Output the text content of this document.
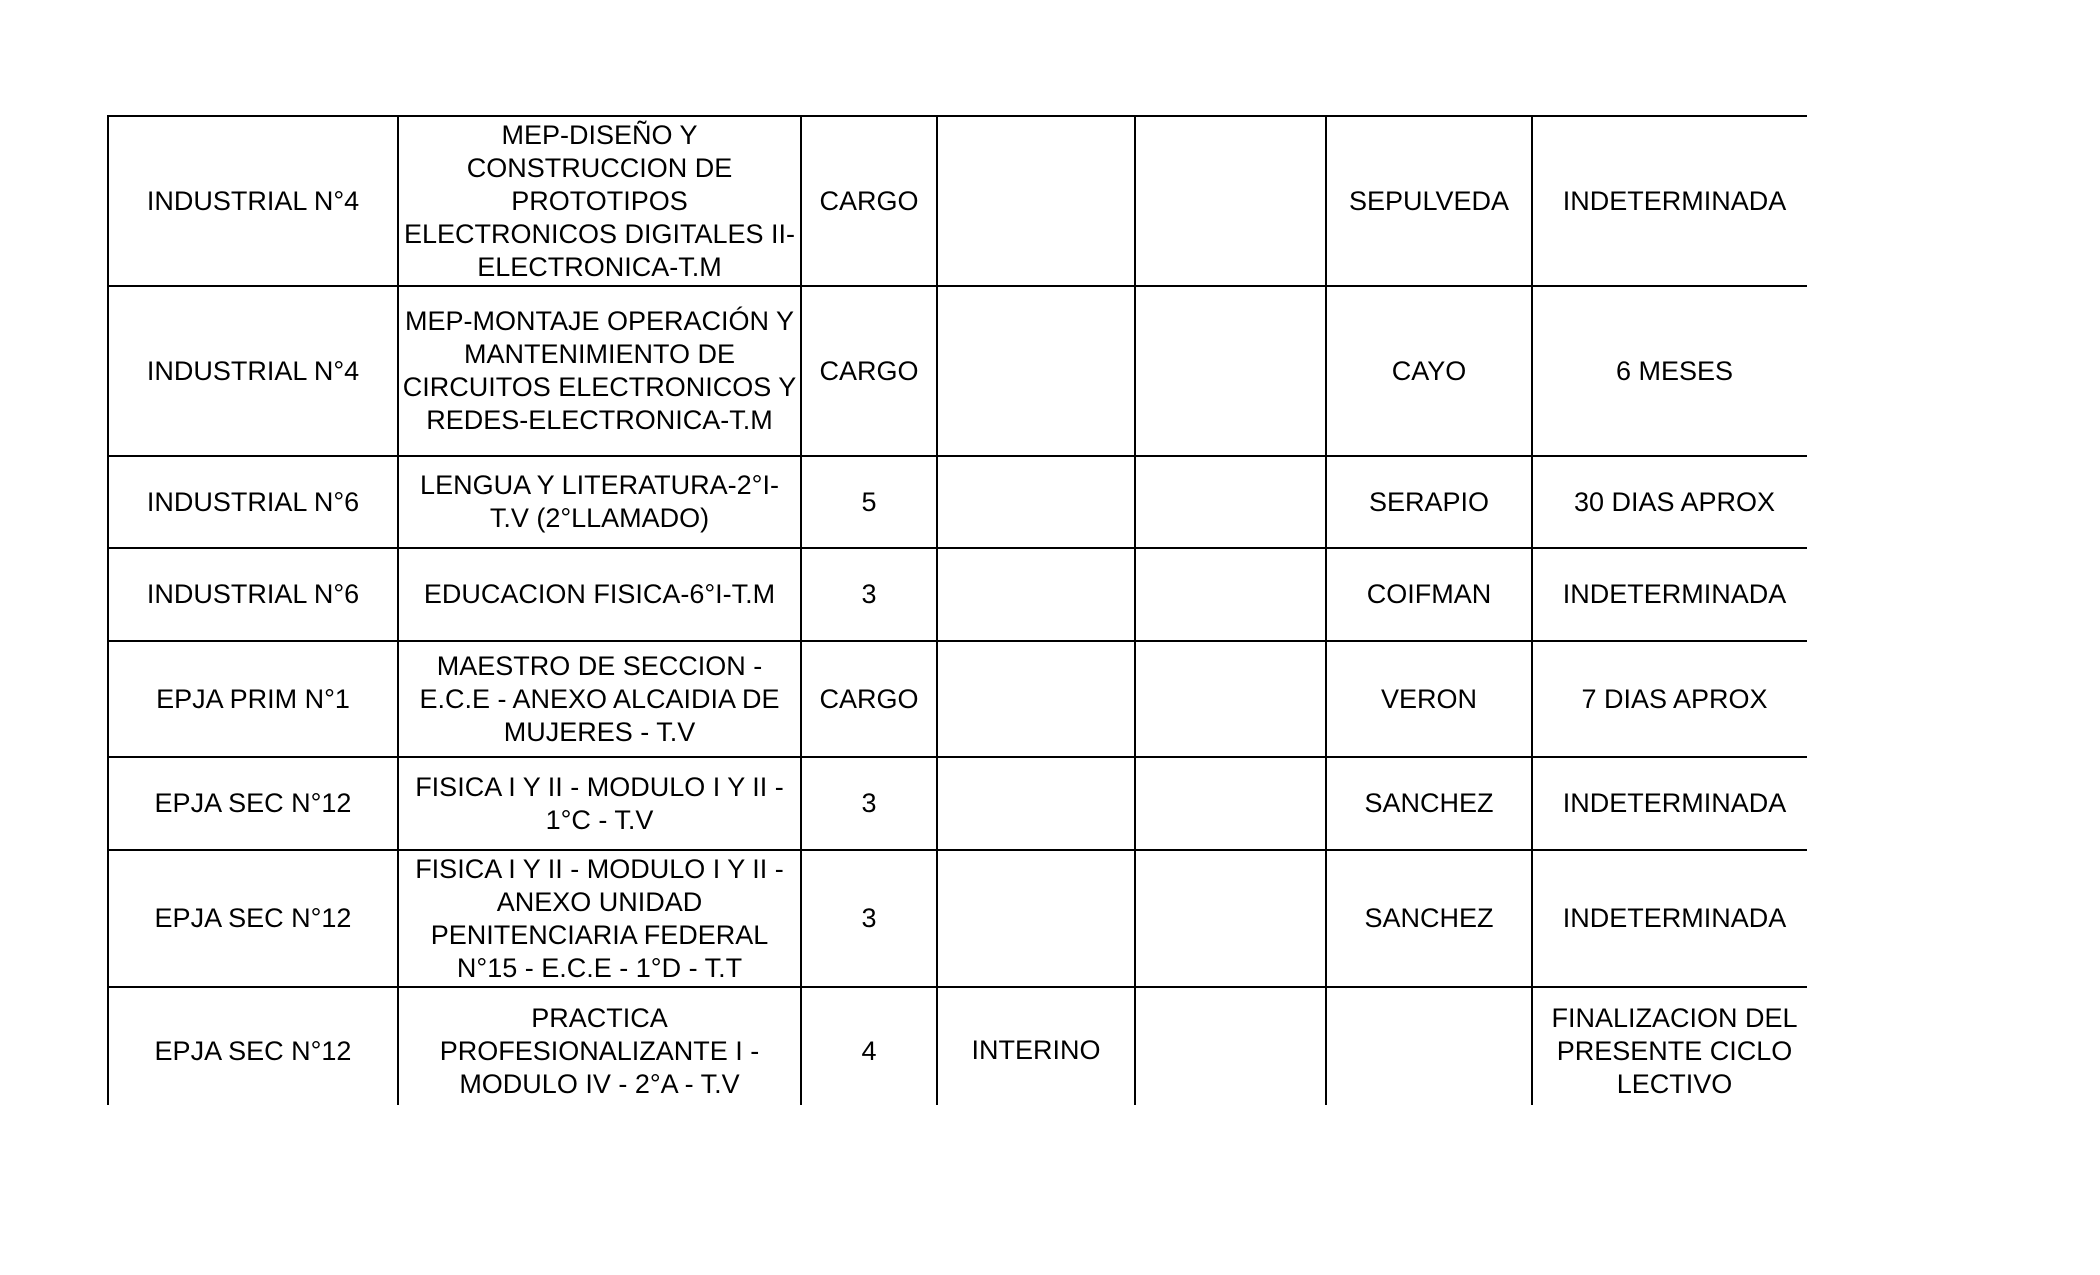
INDUSTRIAL N°4	MEP-DISEÑO Y CONSTRUCCION DE PROTOTIPOS ELECTRONICOS DIGITALES II-ELECTRONICA-T.M	CARGO			SEPULVEDA	INDETERMINADA
INDUSTRIAL N°4	MEP-MONTAJE OPERACIÓN Y MANTENIMIENTO DE CIRCUITOS ELECTRONICOS Y REDES-ELECTRONICA-T.M	CARGO			CAYO	6 MESES
INDUSTRIAL N°6	LENGUA Y LITERATURA-2°I-T.V (2°LLAMADO)	5			SERAPIO	30 DIAS APROX
INDUSTRIAL N°6	EDUCACION FISICA-6°I-T.M	3			COIFMAN	INDETERMINADA
EPJA PRIM N°1	MAESTRO DE SECCION - E.C.E - ANEXO ALCAIDIA DE MUJERES - T.V	CARGO			VERON	7 DIAS APROX
EPJA SEC N°12	FISICA I Y II - MODULO I Y II - 1°C - T.V	3			SANCHEZ	INDETERMINADA
EPJA SEC N°12	FISICA I Y II - MODULO I Y II - ANEXO UNIDAD PENITENCIARIA FEDERAL N°15 - E.C.E - 1°D - T.T	3			SANCHEZ	INDETERMINADA
EPJA SEC N°12	PRACTICA PROFESIONALIZANTE I - MODULO IV - 2°A - T.V	4	INTERINO			FINALIZACION DEL PRESENTE CICLO LECTIVO
